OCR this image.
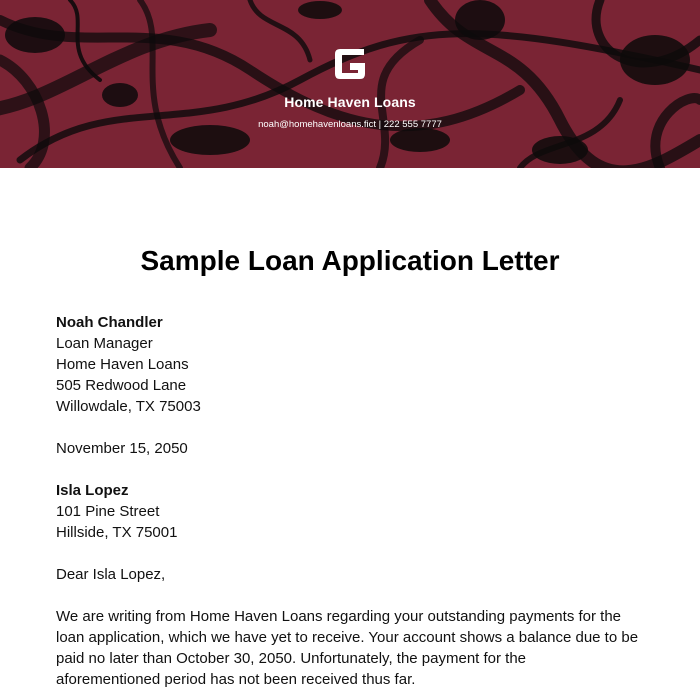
Home Haven Loans
noah@homehavenloans.fict | 222 555 7777
Sample Loan Application Letter
Noah Chandler
Loan Manager
Home Haven Loans
505 Redwood Lane
Willowdale, TX 75003
November 15, 2050
Isla Lopez
101 Pine Street
Hillside, TX 75001
Dear Isla Lopez,
We are writing from Home Haven Loans regarding your outstanding payments for the
loan application, which we have yet to receive. Your account shows a balance due to be
paid no later than October 30, 2050. Unfortunately, the payment for the
aforementioned period has not been received thus far.
